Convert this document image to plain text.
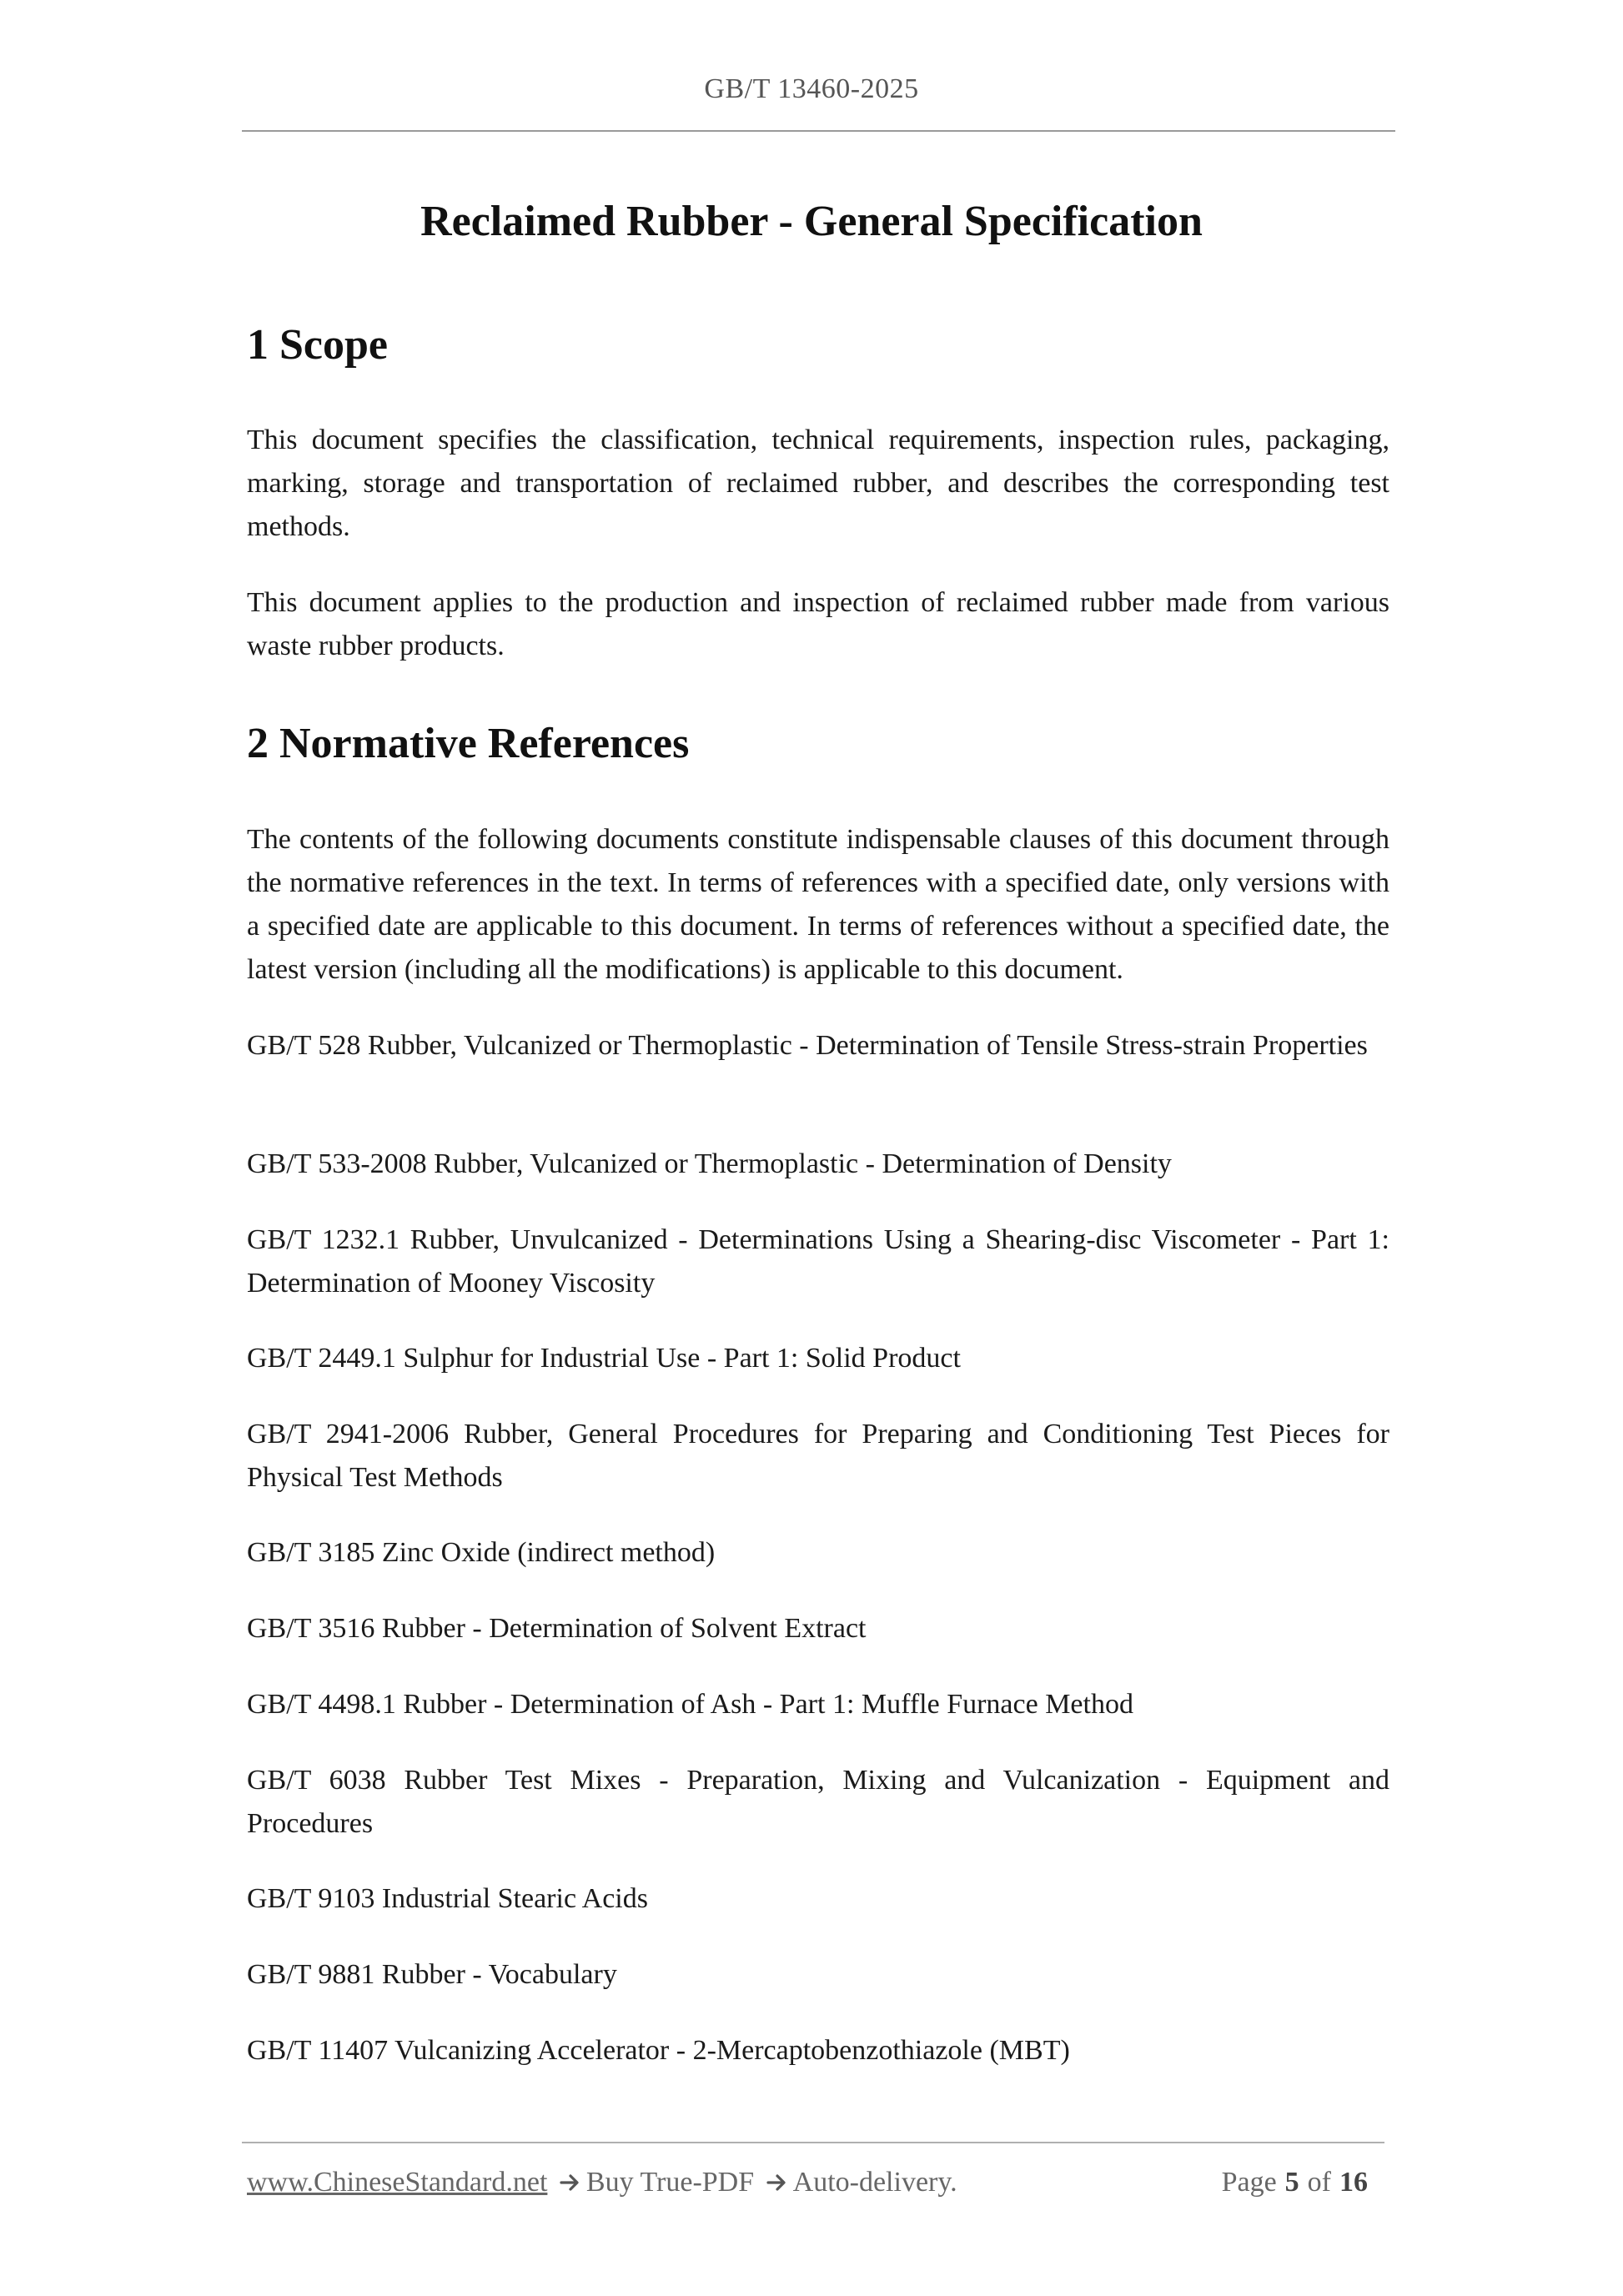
GB/T 13460-2025
Reclaimed Rubber - General Specification
1 Scope

This document specifies the classification, technical requirements, inspection rules, packaging, marking, storage and transportation of reclaimed rubber, and describes the corresponding test methods.

This document applies to the production and inspection of reclaimed rubber made from various waste rubber products.

2 Normative References

The contents of the following documents constitute indispensable clauses of this document through the normative references in the text. In terms of references with a specified date, only versions with a specified date are applicable to this document. In terms of references without a specified date, the latest version (including all the modifications) is applicable to this document.

GB/T 528 Rubber, Vulcanized or Thermoplastic - Determination of Tensile Stress-strain Properties

GB/T 533-2008 Rubber, Vulcanized or Thermoplastic - Determination of Density

GB/T 1232.1 Rubber, Unvulcanized - Determinations Using a Shearing-disc Viscometer - Part 1: Determination of Mooney Viscosity

GB/T 2449.1 Sulphur for Industrial Use - Part 1: Solid Product

GB/T 2941-2006 Rubber, General Procedures for Preparing and Conditioning Test Pieces for Physical Test Methods

GB/T 3185 Zinc Oxide (indirect method)

GB/T 3516 Rubber - Determination of Solvent Extract

GB/T 4498.1 Rubber - Determination of Ash - Part 1: Muffle Furnace Method

GB/T 6038 Rubber Test Mixes - Preparation, Mixing and Vulcanization - Equipment and Procedures

GB/T 9103 Industrial Stearic Acids

GB/T 9881 Rubber - Vocabulary

GB/T 11407 Vulcanizing Accelerator - 2-Mercaptobenzothiazole (MBT)

www.ChineseStandard.net Buy True-PDF Auto-delivery.	Page 5 of 16
